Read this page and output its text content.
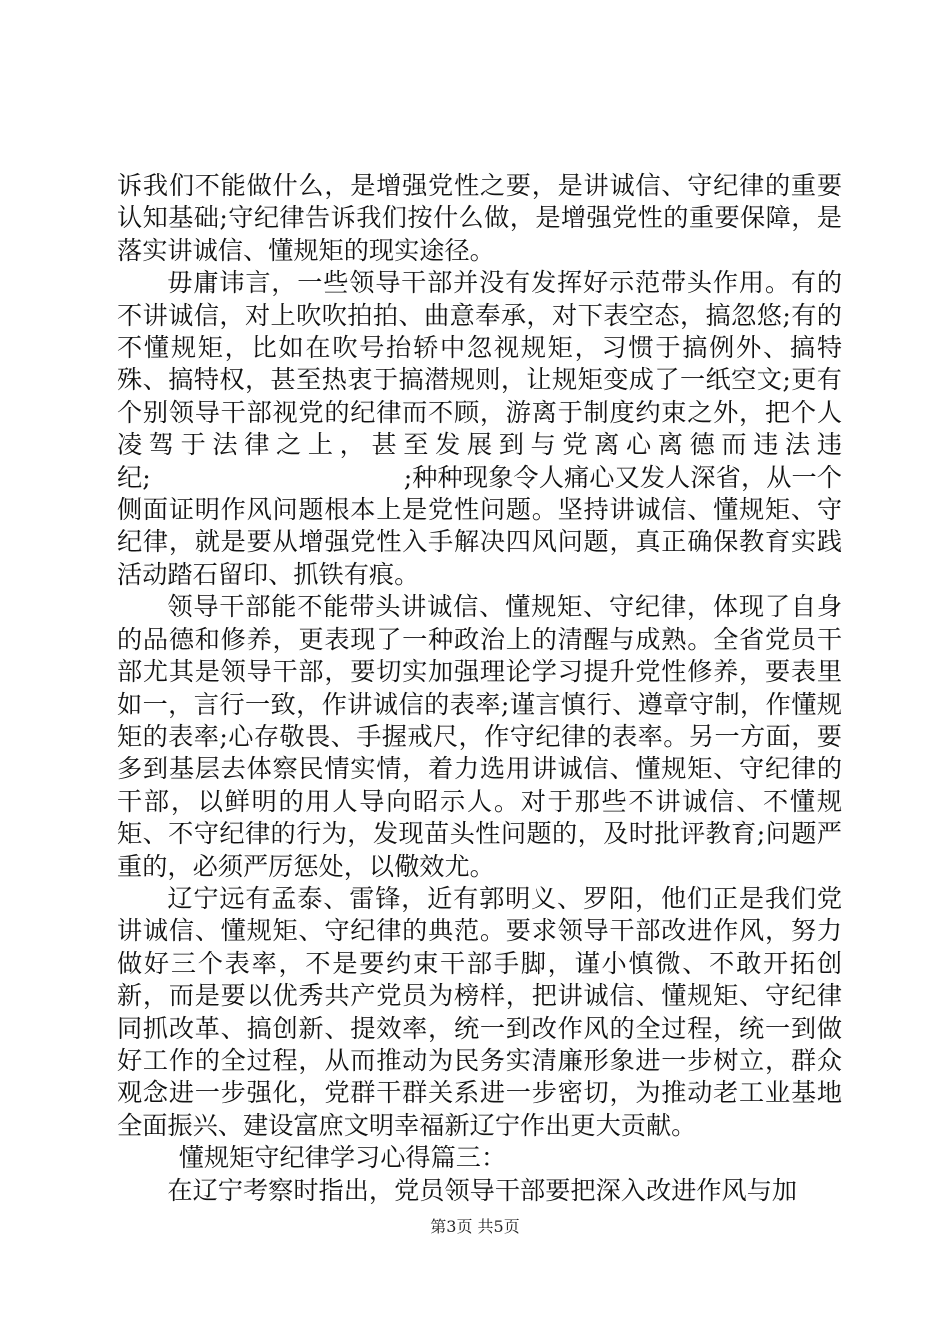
诉我们不能做什么，是增强党性之要，是讲诚信、守纪律的重要认知基础;守纪律告诉我们按什么做，是增强党性的重要保障，是落实讲诚信、懂规矩的现实途径。

毋庸讳言，一些领导干部并没有发挥好示范带头作用。有的不讲诚信，对上吹吹拍拍、曲意奉承，对下表空态，搞忽悠;有的不懂规矩，比如在吹号抬轿中忽视规矩，习惯于搞例外、搞特殊、搞特权，甚至热衷于搞潜规则，让规矩变成了一纸空文;更有个别领导干部视党的纪律而不顾，游离于制度约束之外，把个人凌驾于法律之上，甚至发展到与党离心离德而违法违纪;　　　　　　　　　　;种种现象令人痛心又发人深省，从一个侧面证明作风问题根本上是党性问题。坚持讲诚信、懂规矩、守纪律，就是要从增强党性入手解决四风问题，真正确保教育实践活动踏石留印、抓铁有痕。

领导干部能不能带头讲诚信、懂规矩、守纪律，体现了自身的品德和修养，更表现了一种政治上的清醒与成熟。全省党员干部尤其是领导干部，要切实加强理论学习提升党性修养，要表里如一，言行一致，作讲诚信的表率;谨言慎行、遵章守制，作懂规矩的表率;心存敬畏、手握戒尺，作守纪律的表率。另一方面，要多到基层去体察民情实情，着力选用讲诚信、懂规矩、守纪律的干部，以鲜明的用人导向昭示人。对于那些不讲诚信、不懂规矩、不守纪律的行为，发现苗头性问题的，及时批评教育;问题严重的，必须严厉惩处，以儆效尤。

辽宁远有孟泰、雷锋，近有郭明义、罗阳，他们正是我们党讲诚信、懂规矩、守纪律的典范。要求领导干部改进作风，努力做好三个表率，不是要约束干部手脚，谨小慎微、不敢开拓创新，而是要以优秀共产党员为榜样，把讲诚信、懂规矩、守纪律同抓改革、搞创新、提效率，统一到改作风的全过程，统一到做好工作的全过程，从而推动为民务实清廉形象进一步树立，群众观念进一步强化，党群干群关系进一步密切，为推动老工业基地全面振兴、建设富庶文明幸福新辽宁作出更大贡献。

懂规矩守纪律学习心得篇三：

在辽宁考察时指出，党员领导干部要把深入改进作风与加

第3页 共5页
